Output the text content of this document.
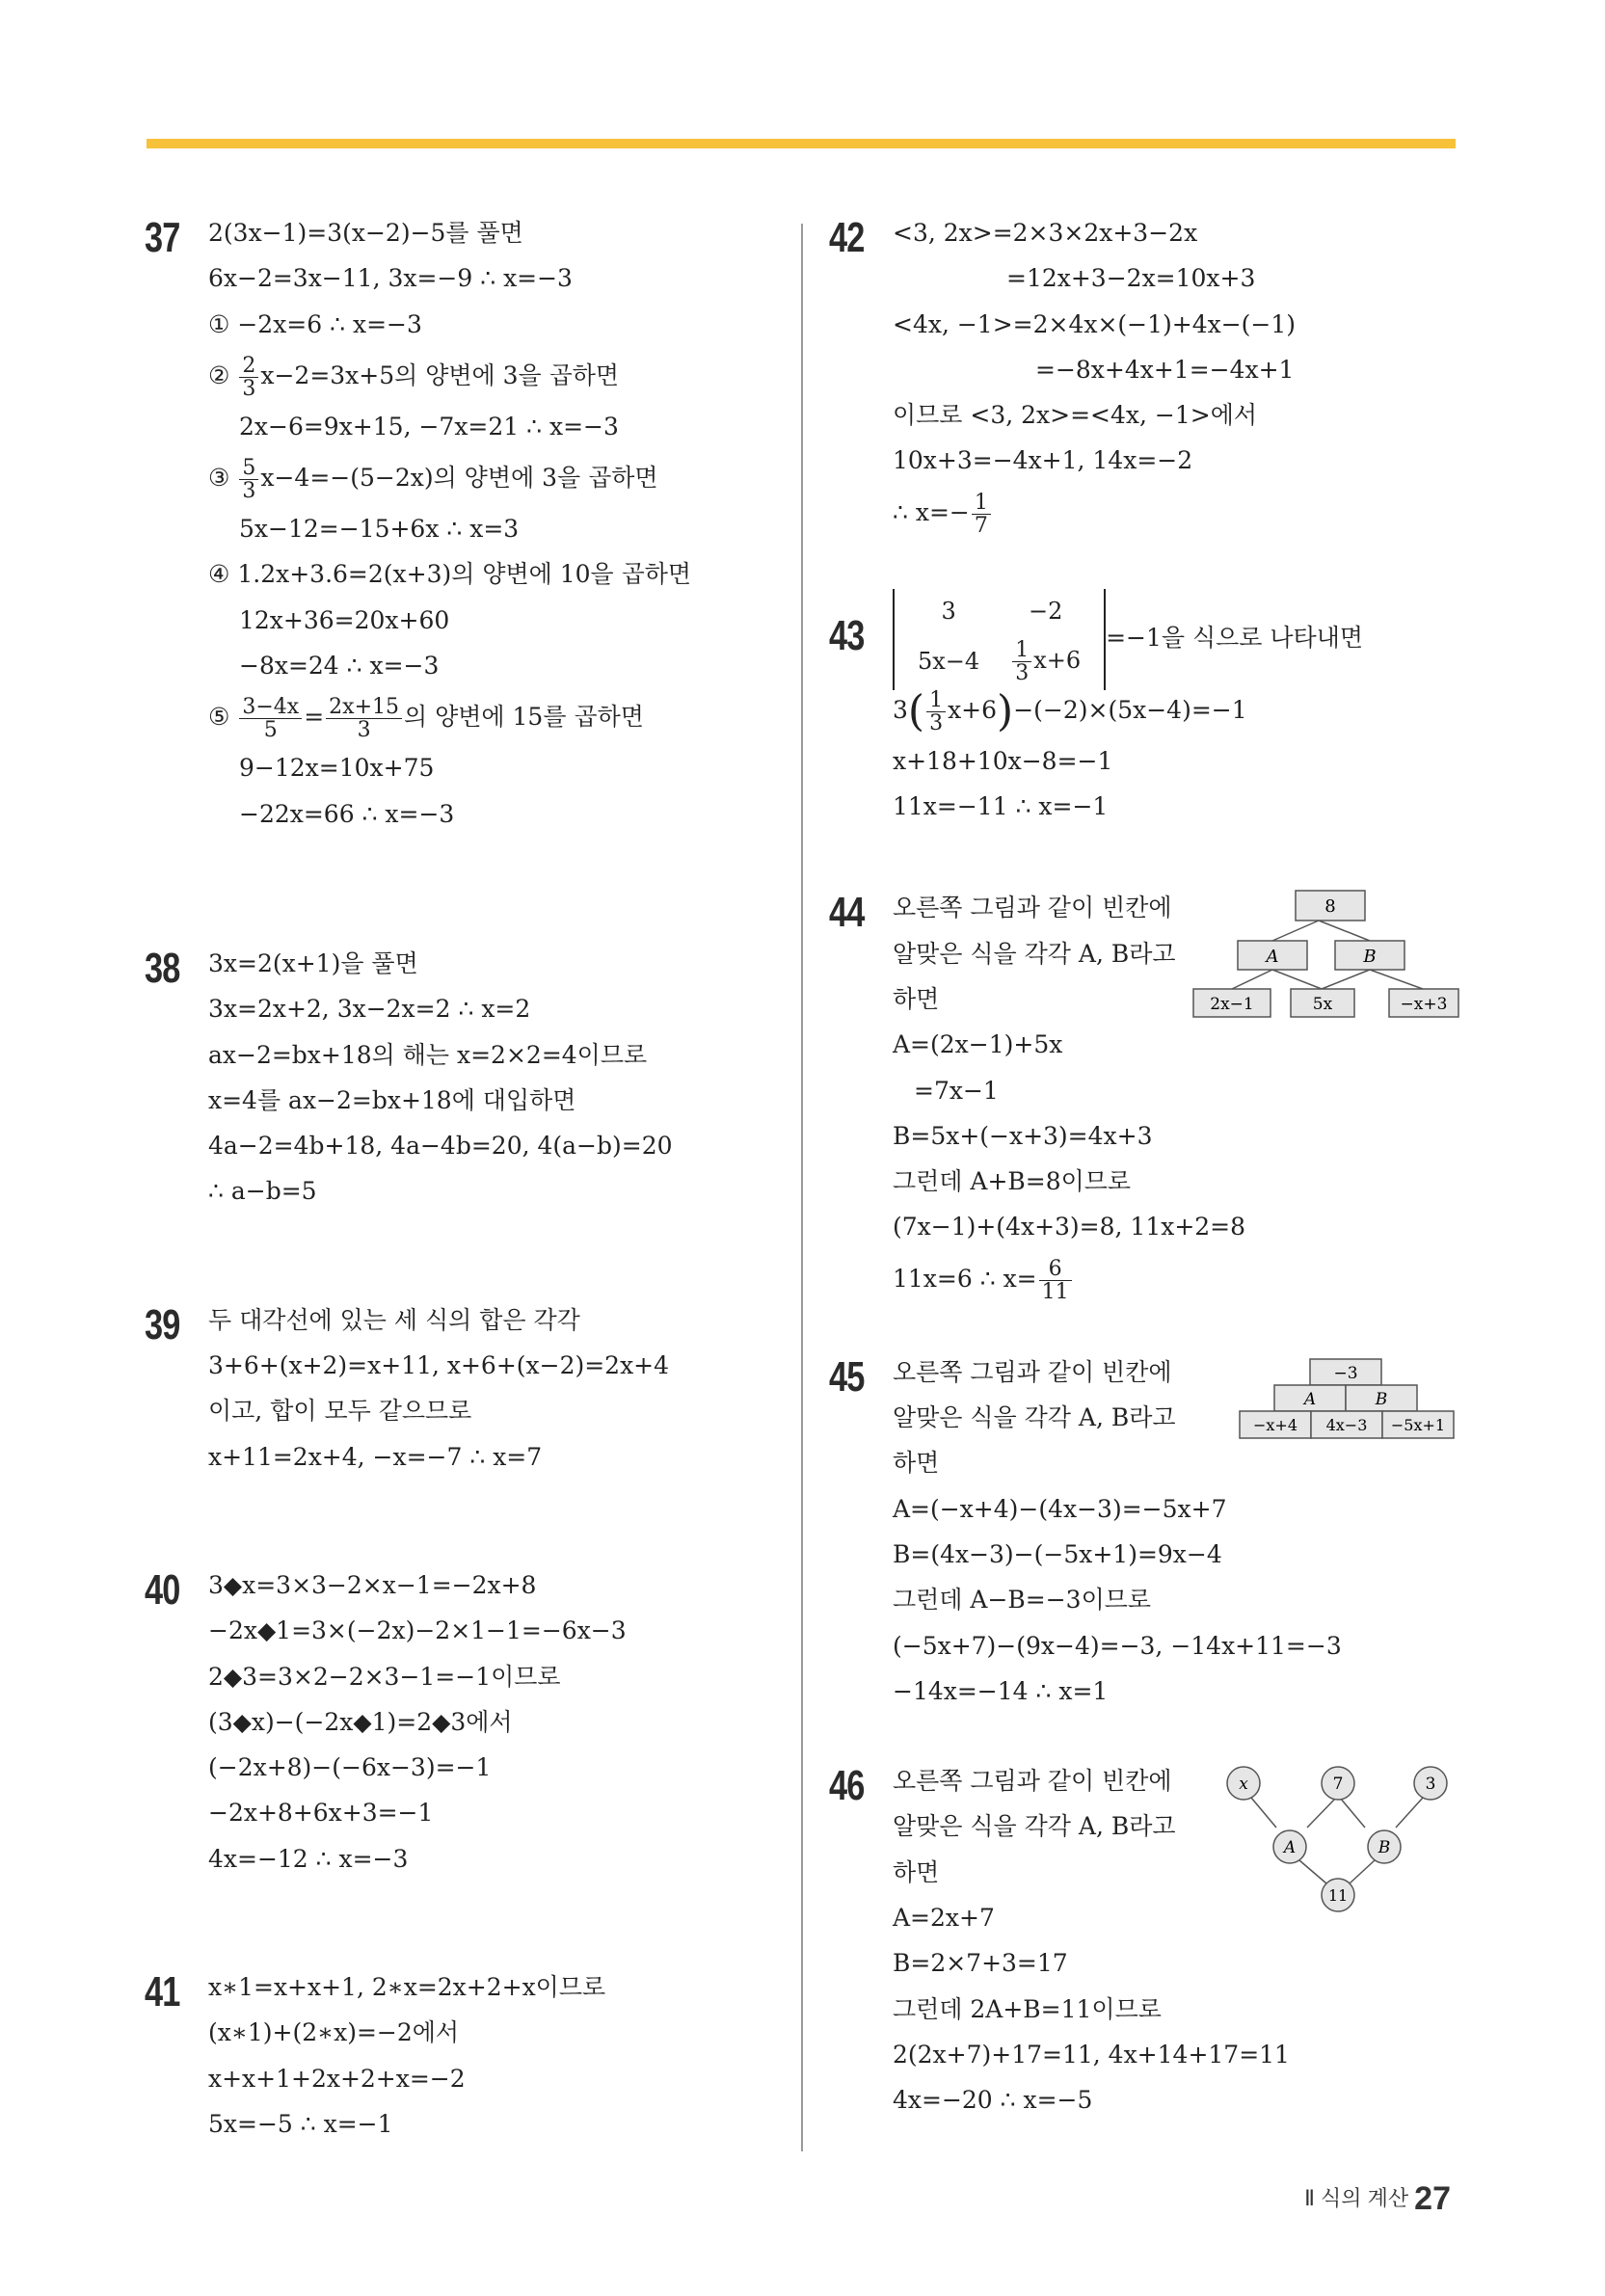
37 2(3x−1)=3(x−2)−5를 풀면
6x−2=3x−11, 3x=−9 ∴ x=−3
① −2x=6 ∴ x=−3
② $\frac{2}{3} x-2=3x+5$의 양변에 3을 곱하면
2x−6=9x+15, −7x=21 ∴ x=−3
③ $\frac{5}{3} x-4=-(5-2x)$의 양변에 3을 곱하면
5x−12=−15+6x ∴ x=3
④ 1.2x+3.6=2(x+3)의 양변에 10을 곱하면
12x+36=20x+60
−8x=24 ∴ x=−3
⑤ $\frac{3-4x}{5} = \frac{2x+15}{3}$ 의 양변에 15를 곱하면
9−12x=10x+75
−22x=66 ∴ x=−3
38 3x=2(x+1)을 풀면
3x=2x+2, 3x−2x=2 ∴ x=2
ax−2=bx+18의 해는 x=2×2=4이므로
x=4를 ax−2=bx+18에 대입하면
4a−2=4b+18, 4a−4b=20, 4(a−b)=20
∴ a−b=5
39 두 대각선에 있는 세 식의 합은 각각
3+6+(x+2)=x+11, x+6+(x−2)=2x+4
이고, 합이 모두 같으므로
x+11=2x+4, −x=−7 ∴ x=7
40 3◆x=3×3−2×x−1=−2x+8
−2x◆1=3×(−2x)−2×1−1=−6x−3
2◆3=3×2−2×3−1=−1이므로
(3◆x)−(−2x◆1)=2◆3에서
(−2x+8)−(−6x−3)=−1
−2x+8+6x+3=−1
4x=−12 ∴ x=−3
41 x∗1=x+x+1, 2∗x=2x+2+x이므로
(x∗1)+(2∗x)=−2에서
x+x+1+2x+2+x=−2
5x=−5 ∴ x=−1
42 <3, 2x>=2×3×2x+3−2x
=12x+3−2x=10x+3
<4x, −1>=2×4x×(−1)+4x−(−1)
=−8x+4x+1=−4x+1
이므로 <3, 2x>=<4x, −1>에서
10x+3=−4x+1, 14x=−2
∴ $x=- \frac{1}{7}$
43
3	−2
5x−4	$\frac{1}{3} x+6$
=−1을 식으로 나타내면
$3( \frac{1}{3} x+6)-(-2)\times(5x-4)=-1$
x+18+10x−8=−1
11x=−11 ∴ x=−1
44 오른쪽 그림과 같이 빈칸에 알맞은 식을 각각 A, B라고 하면
A=(2x−1)+5x
=7x−1
B=5x+(−x+3)=4x+3
그런데 A+B=8이므로
(7x−1)+(4x+3)=8, 11x+2=8
11x=6 ∴ $x= \frac{6}{11}$
8
A	B
2x−1	5x	−x+3
45 오른쪽 그림과 같이 빈칸에
알맞은 식을 각각 A, B라고
하면
A=(−x+4)−(4x−3)=−5x+7
B=(4x−3)−(−5x+1)=9x−4
그런데 A−B=−3이므로
(−5x+7)−(9x−4)=−3, −14x+11=−3
−14x=−14 ∴ x=1
−3
A	B
−x+4 4x−3 −5x+1
46 오른쪽 그림과 같이 빈칸에
알맞은 식을 각각 A, B라고
하면
A=2x+7
B=2×7+3=17
그런데 2A+B=11이므로
2(2x+7)+17=11, 4x+14+17=11
4x=−20 ∴ x=−5
x	7	3
A	B
11
Ⅱ 식의 계산 27
